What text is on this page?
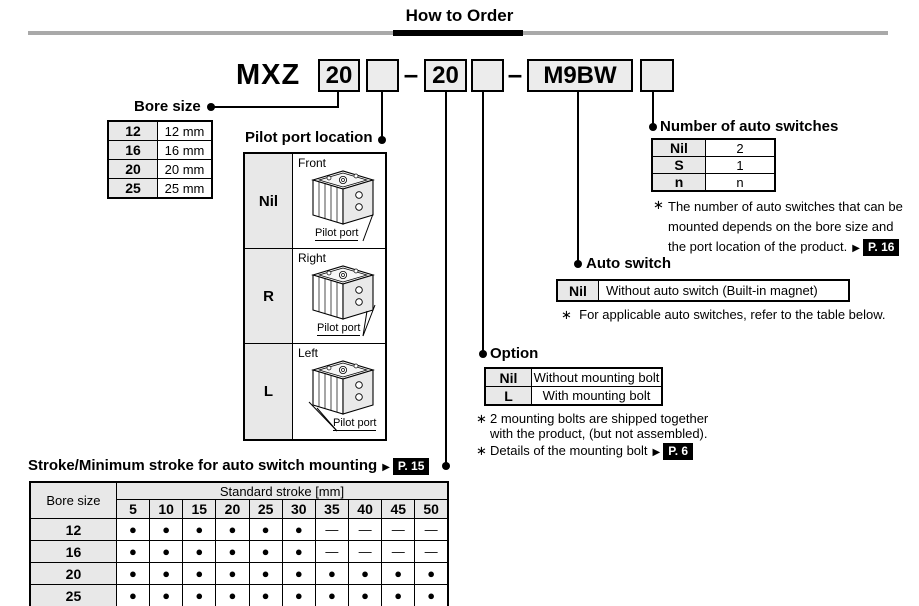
How to Order
MXZ	20 – 20	– M9BW
Bore size
12	12 mm
16	16 mm
20	20 mm
25	25 mm
Pilot port location
Nil	Front
Pilot port

R	Right
Pilot port

L	Left
Pilot port
Number of auto switches
Nil	2
S	1
n	n
∗ The number of auto switches that can be
mounted depends on the bore size and
the port location of the product. ▶ P. 16
Auto switch
Nil	Without auto switch (Built-in magnet)
∗ For applicable auto switches, refer to the table below.
Option
Nil	Without mounting bolt
L	With mounting bolt
∗ 2 mounting bolts are shipped together
with the product, (but not assembled).
∗ Details of the mounting bolt ▶ P. 6
Stroke/Minimum stroke for auto switch mounting ▶ P. 15
Bore size	Standard stroke [mm]									
	5	10	15	20	25	30	35	40	45	50
12	●	●	●	●	●	●	—	—	—	—
16	●	●	●	●	●	●	—	—	—	—
20	●	●	●	●	●	●	●	●	●	●
25	●	●	●	●	●	●	●	●	●	●
